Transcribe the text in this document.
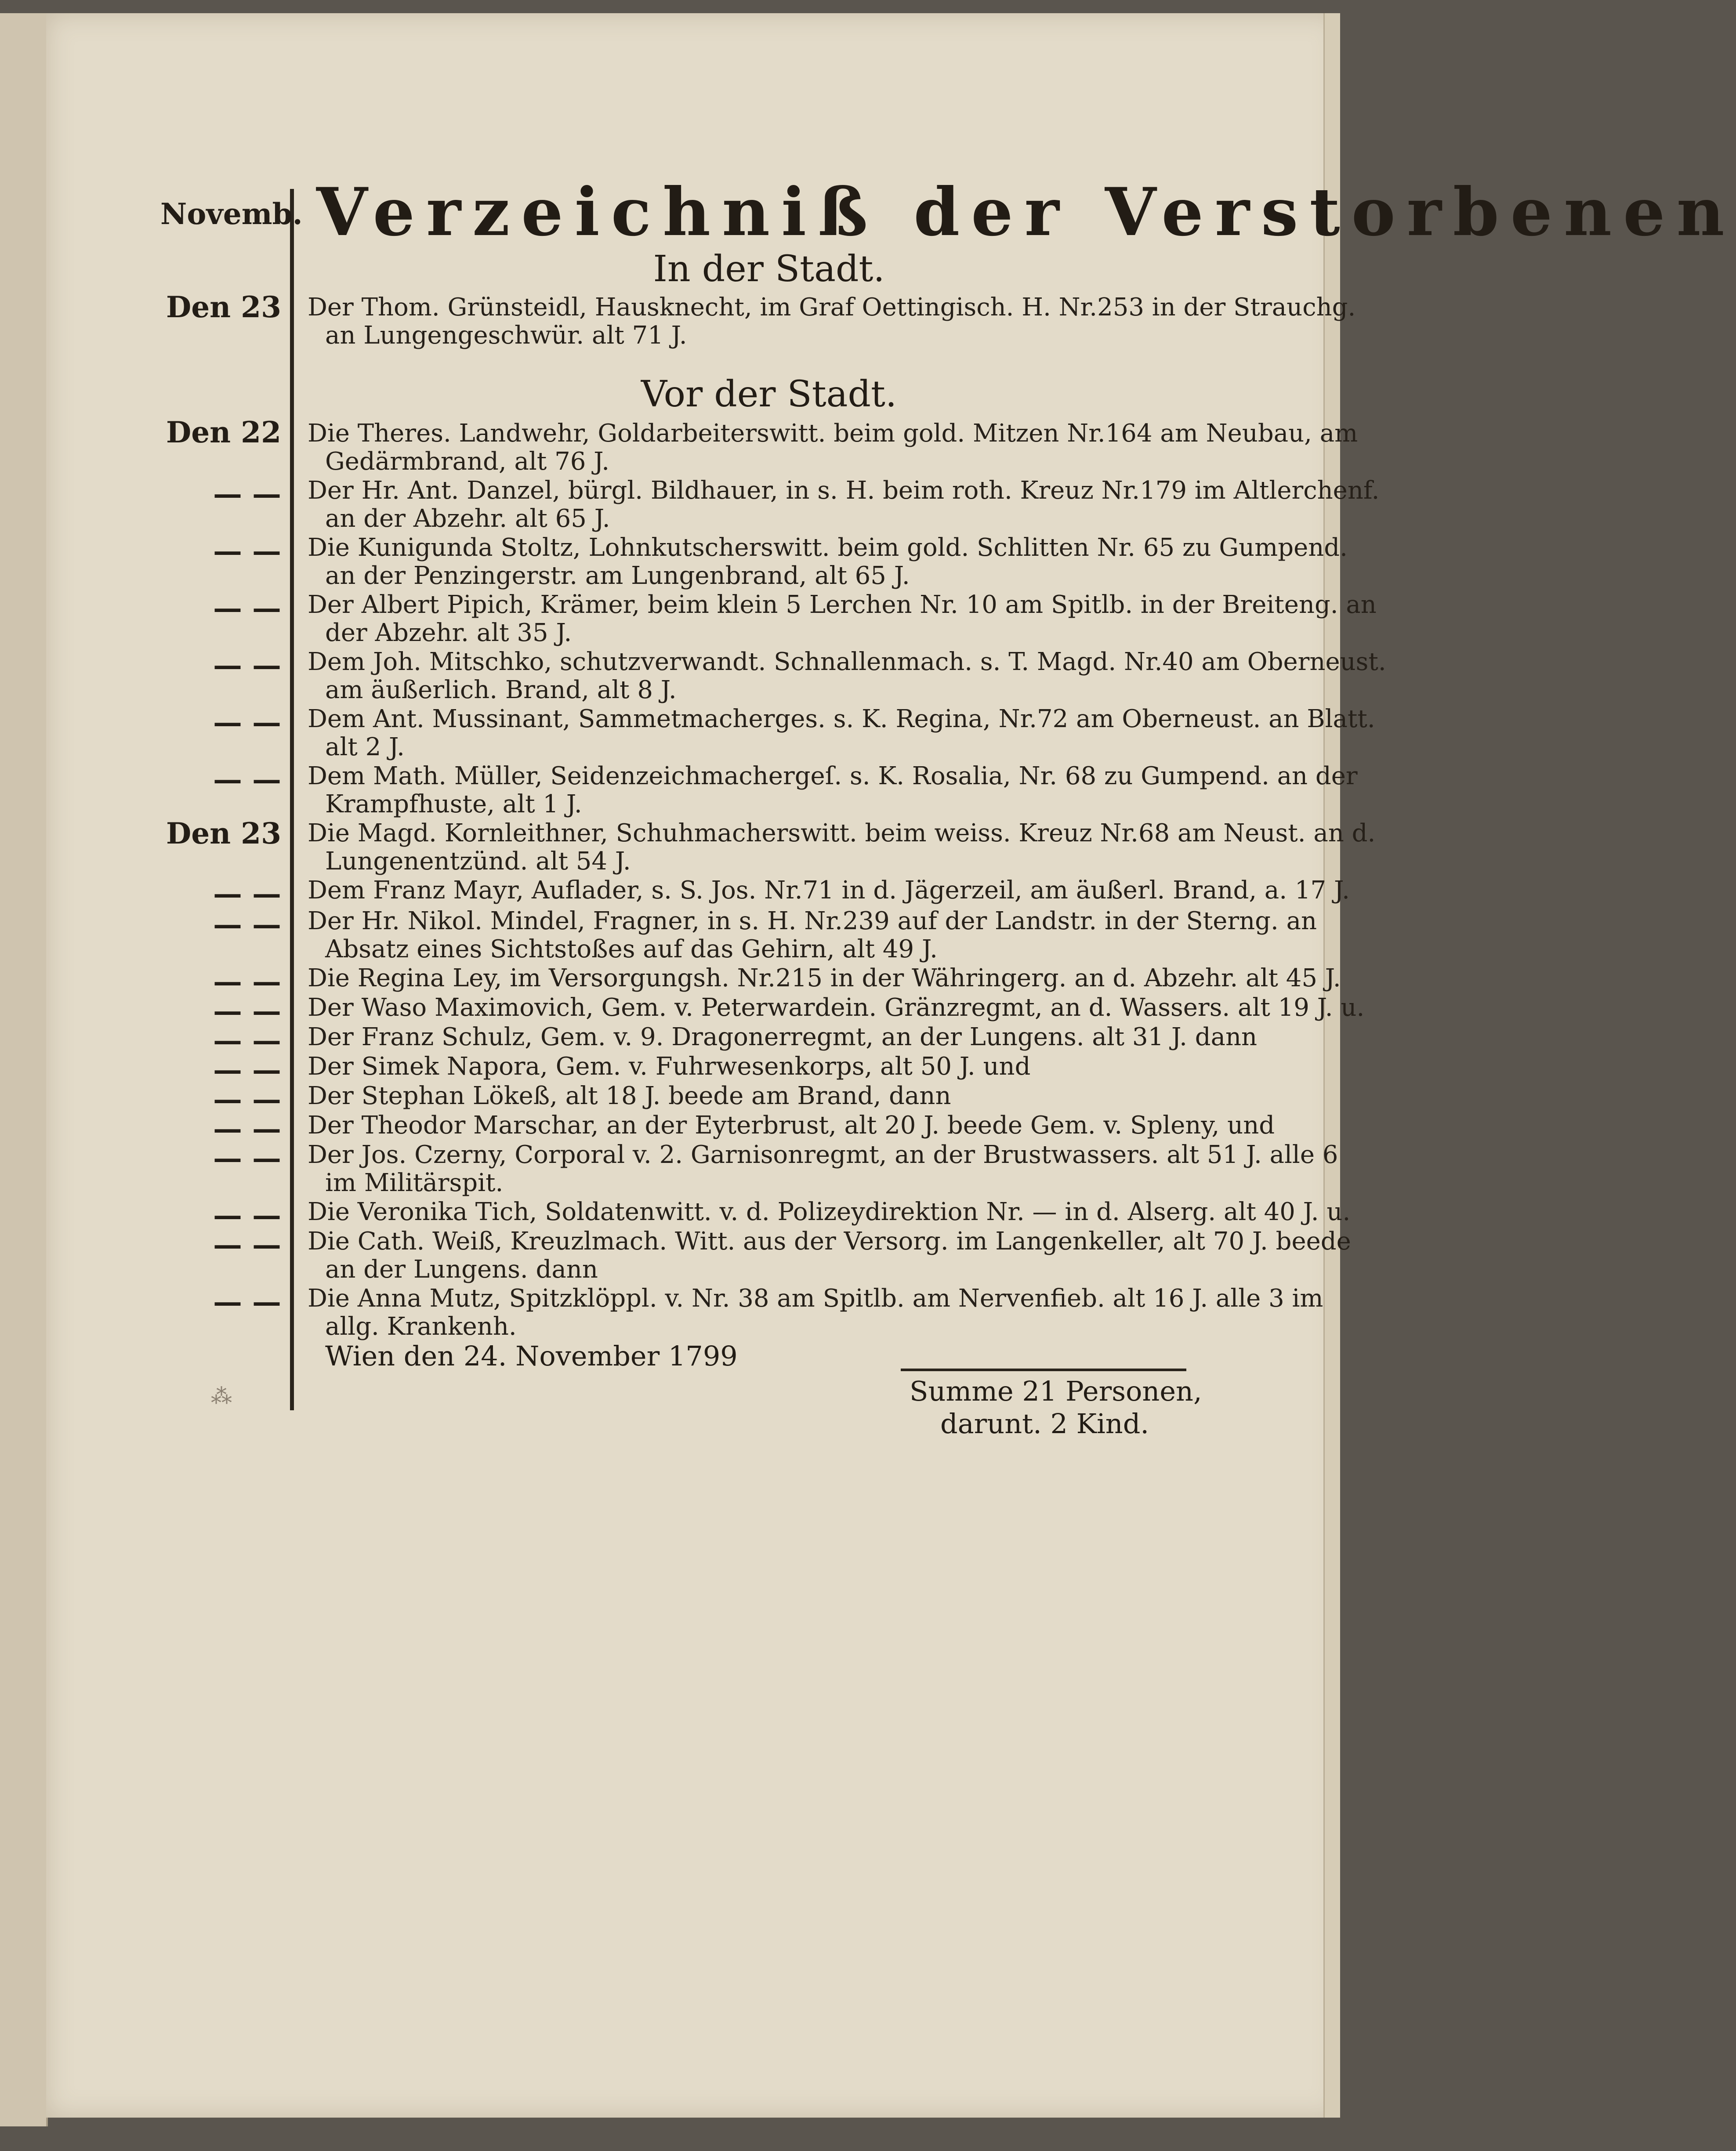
Novemb. Verzeichniß der Verstorbenen
In der Stadt.
Den 23	Der Thom. Grünsteidl, Hausknecht, im Graf Oettingisch. H. Nr.253 in der Strauchg.
an Lungengeschwür. alt 71 J.
Vor der Stadt.
Den 22	Die Theres. Landwehr, Goldarbeiterswitt. beim gold. Mitzen Nr.164 am Neubau, am
Gedärmbrand, alt 76 J.
— —	Der Hr. Ant. Danzel, bürgl. Bildhauer, in s. H. beim roth. Kreuz Nr.179 im Altlerchenf.
an der Abzehr. alt 65 J.
— —	Die Kunigunda Stoltz, Lohnkutscherswitt. beim gold. Schlitten Nr. 65 zu Gumpend.
an der Penzingerstr. am Lungenbrand, alt 65 J.
— —	Der Albert Pipich, Krämer, beim klein 5 Lerchen Nr. 10 am Spitlb. in der Breiteng. an
der Abzehr. alt 35 J.
— —	Dem Joh. Mitschko, schutzverwandt. Schnallenmach. s. T. Magd. Nr.40 am Oberneust.
am äußerlich. Brand, alt 8 J.
— —	Dem Ant. Mussinant, Sammetmacherges. s. K. Regina, Nr.72 am Oberneust. an Blatt.
alt 2 J.
— —	Dem Math. Müller, Seidenzeichmachergeſ. s. K. Rosalia, Nr. 68 zu Gumpend. an der
Krampfhuste, alt 1 J.
Den 23	Die Magd. Kornleithner, Schuhmacherswitt. beim weiss. Kreuz Nr.68 am Neust. an d.
Lungenentzünd. alt 54 J.
— —	Dem Franz Mayr, Auflader, s. S. Jos. Nr.71 in d. Jägerzeil, am äußerl. Brand, a. 17 J.
— —	Der Hr. Nikol. Mindel, Fragner, in s. H. Nr.239 auf der Landstr. in der Sterng. an
Absatz eines Sichtstoßes auf das Gehirn, alt 49 J.
— —	Die Regina Ley, im Versorgungsh. Nr.215 in der Währingerg. an d. Abzehr. alt 45 J.
— —	Der Waso Maximovich, Gem. v. Peterwardein. Gränzregmt, an d. Wassers. alt 19 J. u.
— —	Der Franz Schulz, Gem. v. 9. Dragonerregmt, an der Lungens. alt 31 J. dann
— —	Der Simek Napora, Gem. v. Fuhrwesenkorps, alt 50 J. und
— —	Der Stephan Lökeß, alt 18 J. beede am Brand, dann
— —	Der Theodor Marschar, an der Eyterbrust, alt 20 J. beede Gem. v. Spleny, und
— —	Der Jos. Czerny, Corporal v. 2. Garnisonregmt, an der Brustwassers. alt 51 J. alle 6
im Militärspit.
— —	Die Veronika Tich, Soldatenwitt. v. d. Polizeydirektion Nr. — in d. Alserg. alt 40 J. u.
— —	Die Cath. Weiß, Kreuzlmach. Witt. aus der Versorg. im Langenkeller, alt 70 J. beede
an der Lungens. dann
— —	Die Anna Mutz, Spitzklöppl. v. Nr. 38 am Spitlb. am Nervenfieb. alt 16 J. alle 3 im
allg. Krankenh.
Wien den 24. November 1799
Summe 21 Personen,
darunt. 2 Kind.
⁂
